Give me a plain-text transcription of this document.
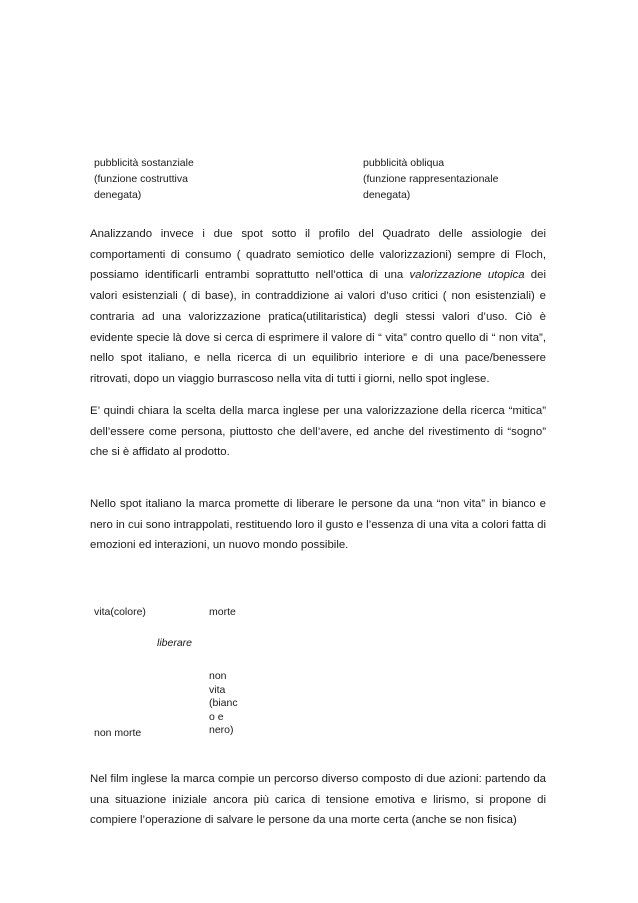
pubblicità sostanziale
(funzione costruttiva
denegata)
pubblicità obliqua
(funzione rappresentazionale
denegata)

Analizzando invece i due spot sotto il profilo del Quadrato delle assiologie dei comportamenti di consumo ( quadrato semiotico delle valorizzazioni) sempre di Floch, possiamo identificarli entrambi soprattutto nell’ottica di una valorizzazione utopica dei valori esistenziali ( di base), in contraddizione ai valori d’uso critici ( non esistenziali) e contraria ad una valorizzazione pratica(utilitaristica) degli stessi valori d’uso. Ciò è evidente specie là dove si cerca di esprimere il valore di “ vita” contro quello di “ non vita”, nello spot italiano, e nella ricerca di un equilibrio interiore e di una pace/benessere ritrovati, dopo un viaggio burrascoso nella vita di tutti i giorni, nello spot inglese.

E’ quindi chiara la scelta della marca inglese per una valorizzazione della ricerca “mitica” dell’essere come persona, piuttosto che dell’avere, ed anche del rivestimento di “sogno” che si è affidato al prodotto.

Nello spot italiano la marca promette di liberare le persone da una “non vita” in bianco e nero in cui sono intrappolati, restituendo loro il gusto e l’essenza di una vita a colori fatta di emozioni ed interazioni, un nuovo mondo possibile.

vita(colore)	morte
liberare
non
vita
(bianc
o e
nero)
non morte

Nel film inglese la marca compie un percorso diverso composto di due azioni: partendo da una situazione iniziale ancora più carica di tensione emotiva e lirismo, si propone di compiere l’operazione di salvare le persone da una morte certa (anche se non fisica)
